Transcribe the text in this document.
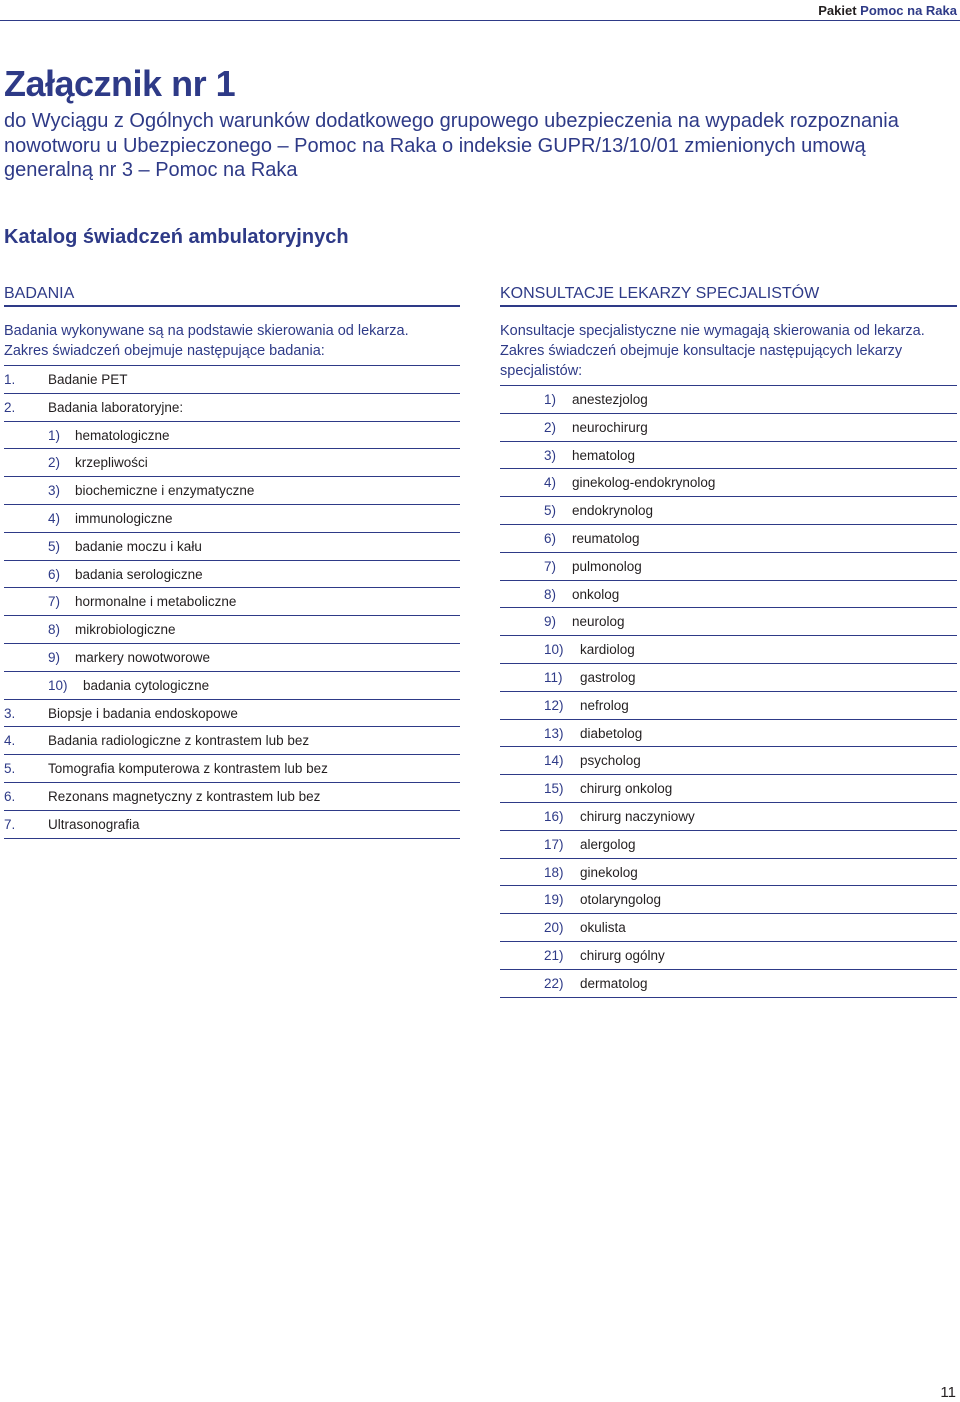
Pakiet Pomoc na Raka
Załącznik nr 1

do Wyciągu z Ogólnych warunków dodatkowego grupowego ubezpieczenia na wypadek rozpoznania nowotworu u Ubezpieczonego – Pomoc na Raka o indeksie GUPR/13/10/01 zmienionych umową generalną nr 3 – Pomoc na Raka

Katalog świadczeń ambulatoryjnych
BADANIA
Badania wykonywane są na podstawie skierowania od lekarza.
Zakres świadczeń obejmuje następujące badania:
1. Badanie PET
2. Badania laboratoryjne:
1) hematologiczne
2) krzepliwości
3) biochemiczne i enzymatyczne
4) immunologiczne
5) badanie moczu i kału
6) badania serologiczne
7) hormonalne i metaboliczne
8) mikrobiologiczne
9) markery nowotworowe
10) badania cytologiczne
3. Biopsje i badania endoskopowe
4. Badania radiologiczne z kontrastem lub bez
5. Tomografia komputerowa z kontrastem lub bez
6. Rezonans magnetyczny z kontrastem lub bez
7. Ultrasonografia
KONSULTACJE LEKARZY SPECJALISTÓW
Konsultacje specjalistyczne nie wymagają skierowania od lekarza.
Zakres świadczeń obejmuje konsultacje następujących lekarzy
specjalistów:
1) anestezjolog
2) neurochirurg
3) hematolog
4) ginekolog-endokrynolog
5) endokrynolog
6) reumatolog
7) pulmonolog
8) onkolog
9) neurolog
10) kardiolog
11) gastrolog
12) nefrolog
13) diabetolog
14) psycholog
15) chirurg onkolog
16) chirurg naczyniowy
17) alergolog
18) ginekolog
19) otolaryngolog
20) okulista
21) chirurg ogólny
22) dermatolog
11
